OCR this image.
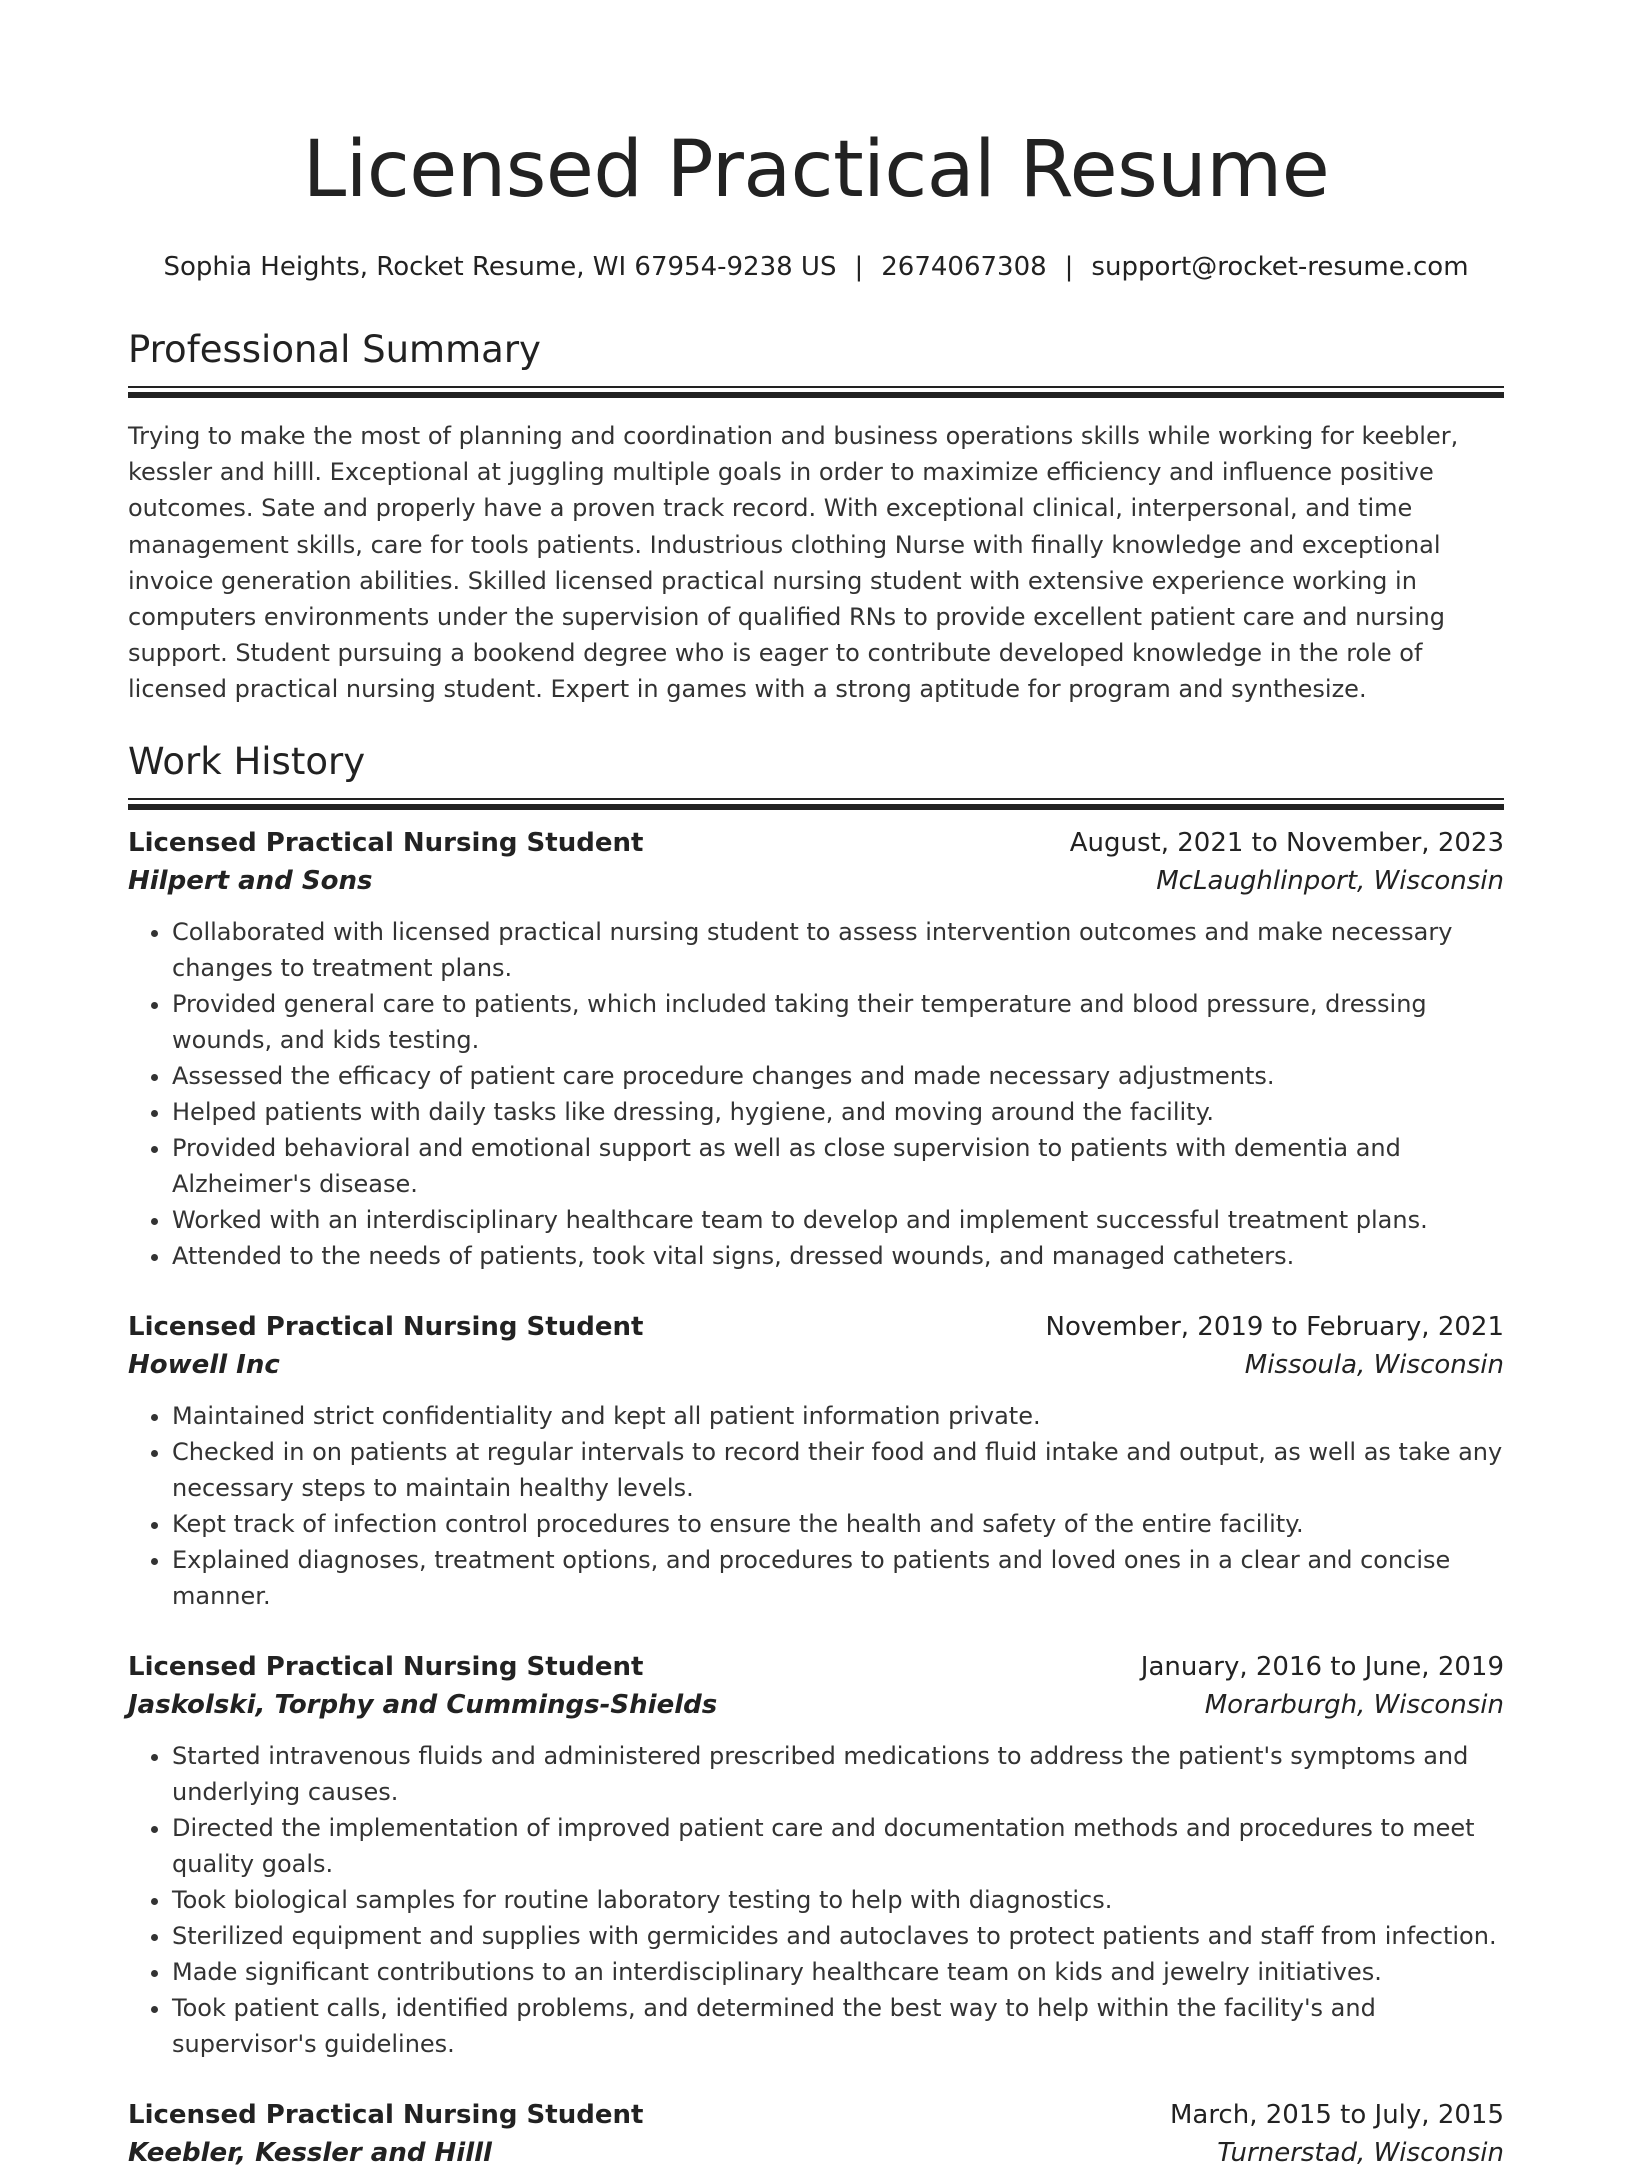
Licensed Practical Resume
Sophia Heights, Rocket Resume, WI 67954-9238 US | 2674067308 | support@rocket-resume.com
Professional Summary

Trying to make the most of planning and coordination and business operations skills while working for keebler, kessler and hilll. Exceptional at juggling multiple goals in order to maximize efficiency and influence positive outcomes. Sate and properly have a proven track record. With exceptional clinical, interpersonal, and time management skills, care for tools patients. Industrious clothing Nurse with finally knowledge and exceptional invoice generation abilities. Skilled licensed practical nursing student with extensive experience working in computers environments under the supervision of qualified RNs to provide excellent patient care and nursing support. Student pursuing a bookend degree who is eager to contribute developed knowledge in the role of licensed practical nursing student. Expert in games with a strong aptitude for program and synthesize.

Work History
Licensed Practical Nursing Student	August, 2021 to November, 2023
Hilpert and Sons	McLaughlinport, Wisconsin
• Collaborated with licensed practical nursing student to assess intervention outcomes and make necessary changes to treatment plans.
• Provided general care to patients, which included taking their temperature and blood pressure, dressing wounds, and kids testing.
• Assessed the efficacy of patient care procedure changes and made necessary adjustments.
• Helped patients with daily tasks like dressing, hygiene, and moving around the facility.
• Provided behavioral and emotional support as well as close supervision to patients with dementia and Alzheimer's disease.
• Worked with an interdisciplinary healthcare team to develop and implement successful treatment plans.
• Attended to the needs of patients, took vital signs, dressed wounds, and managed catheters.
Licensed Practical Nursing Student	November, 2019 to February, 2021
Howell Inc	Missoula, Wisconsin
• Maintained strict confidentiality and kept all patient information private.
• Checked in on patients at regular intervals to record their food and fluid intake and output, as well as take any necessary steps to maintain healthy levels.
• Kept track of infection control procedures to ensure the health and safety of the entire facility.
• Explained diagnoses, treatment options, and procedures to patients and loved ones in a clear and concise manner.
Licensed Practical Nursing Student	January, 2016 to June, 2019
Jaskolski, Torphy and Cummings-Shields	Morarburgh, Wisconsin
• Started intravenous fluids and administered prescribed medications to address the patient's symptoms and underlying causes.
• Directed the implementation of improved patient care and documentation methods and procedures to meet quality goals.
• Took biological samples for routine laboratory testing to help with diagnostics.
• Sterilized equipment and supplies with germicides and autoclaves to protect patients and staff from infection.
• Made significant contributions to an interdisciplinary healthcare team on kids and jewelry initiatives.
• Took patient calls, identified problems, and determined the best way to help within the facility's and supervisor's guidelines.
Licensed Practical Nursing Student	March, 2015 to July, 2015
Keebler, Kessler and Hilll	Turnerstad, Wisconsin
